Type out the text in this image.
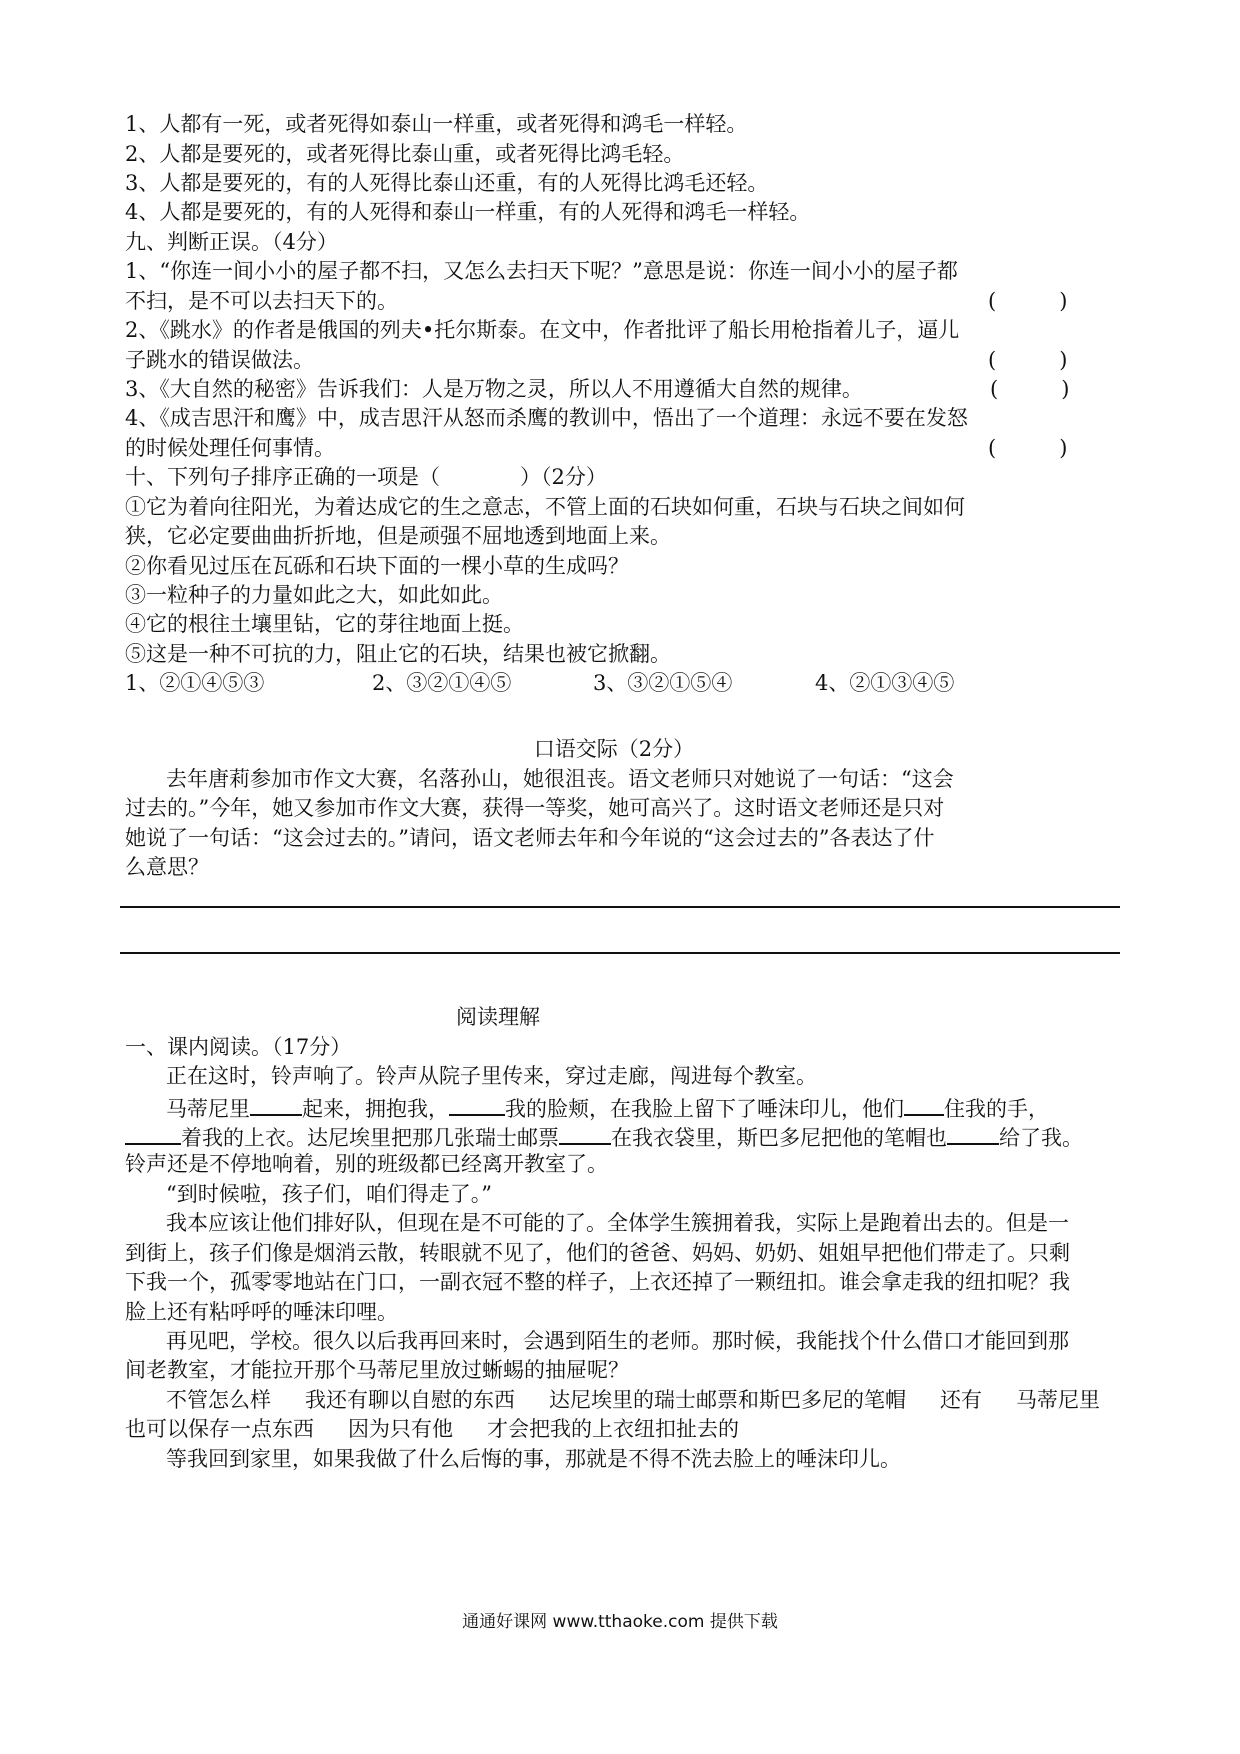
1、人都有一死，或者死得如泰山一样重，或者死得和鸿毛一样轻。
2、人都是要死的，或者死得比泰山重，或者死得比鸿毛轻。
3、人都是要死的，有的人死得比泰山还重，有的人死得比鸿毛还轻。
4、人都是要死的，有的人死得和泰山一样重，有的人死得和鸿毛一样轻。
九、判断正误。（4分）
1、“你连一间小小的屋子都不扫，又怎么去扫天下呢？”意思是说：你连一间小小的屋子都
不扫，是不可以去扫天下的。	(　　　)
2、《跳水》的作者是俄国的列夫•托尔斯泰。在文中，作者批评了船长用枪指着儿子，逼儿
子跳水的错误做法。	(　　　)
3、《大自然的秘密》告诉我们：人是万物之灵，所以人不用遵循大自然的规律。	(　　　)
4、《成吉思汗和鹰》中，成吉思汗从怒而杀鹰的教训中，悟出了一个道理：永远不要在发怒
的时候处理任何事情。	(　　　)
十、下列句子排序正确的一项是（	）（2分）
①它为着向往阳光，为着达成它的生之意志，不管上面的石块如何重，石块与石块之间如何
狭，它必定要曲曲折折地，但是顽强不屈地透到地面上来。
②你看见过压在瓦砾和石块下面的一棵小草的生成吗？
③一粒种子的力量如此之大，如此如此。
④它的根往土壤里钻，它的芽往地面上挺。
⑤这是一种不可抗的力，阻止它的石块，结果也被它掀翻。
1、②①④⑤③	2、③②①④⑤	3、③②①⑤④	4、②①③④⑤
口语交际（2分）
去年唐莉参加市作文大赛，名落孙山，她很沮丧。语文老师只对她说了一句话：“这会
过去的。”今年，她又参加市作文大赛，获得一等奖，她可高兴了。这时语文老师还是只对
她说了一句话：“这会过去的。”请问，语文老师去年和今年说的“这会过去的”各表达了什
么意思？
阅读理解
一、课内阅读。（17分）
正在这时，铃声响了。铃声从院子里传来，穿过走廊，闯进每个教室。
马蒂尼里 起来，拥抱我，	我的脸颊，在我脸上留下了唾沫印儿，他们 住我的手，
着我的上衣。达尼埃里把那几张瑞士邮票 在我衣袋里，斯巴多尼把他的笔帽也 给了我。
铃声还是不停地响着，别的班级都已经离开教室了。
“到时候啦，孩子们，咱们得走了。”
我本应该让他们排好队，但现在是不可能的了。全体学生簇拥着我，实际上是跑着出去的。但是一
到街上，孩子们像是烟消云散，转眼就不见了，他们的爸爸、妈妈、奶奶、姐姐早把他们带走了。只剩
下我一个，孤零零地站在门口，一副衣冠不整的样子，上衣还掉了一颗纽扣。谁会拿走我的纽扣呢？我
脸上还有粘呼呼的唾沫印哩。
再见吧，学校。很久以后我再回来时，会遇到陌生的老师。那时候，我能找个什么借口才能回到那
间老教室，才能拉开那个马蒂尼里放过蜥蜴的抽屉呢？
不管怎么样 我还有聊以自慰的东西 达尼埃里的瑞士邮票和斯巴多尼的笔帽 还有 马蒂尼里
也可以保存一点东西 因为只有他 才会把我的上衣纽扣扯去的
等我回到家里，如果我做了什么后悔的事，那就是不得不洗去脸上的唾沫印儿。
通通好课网 www.tthaoke.com 提供下载
